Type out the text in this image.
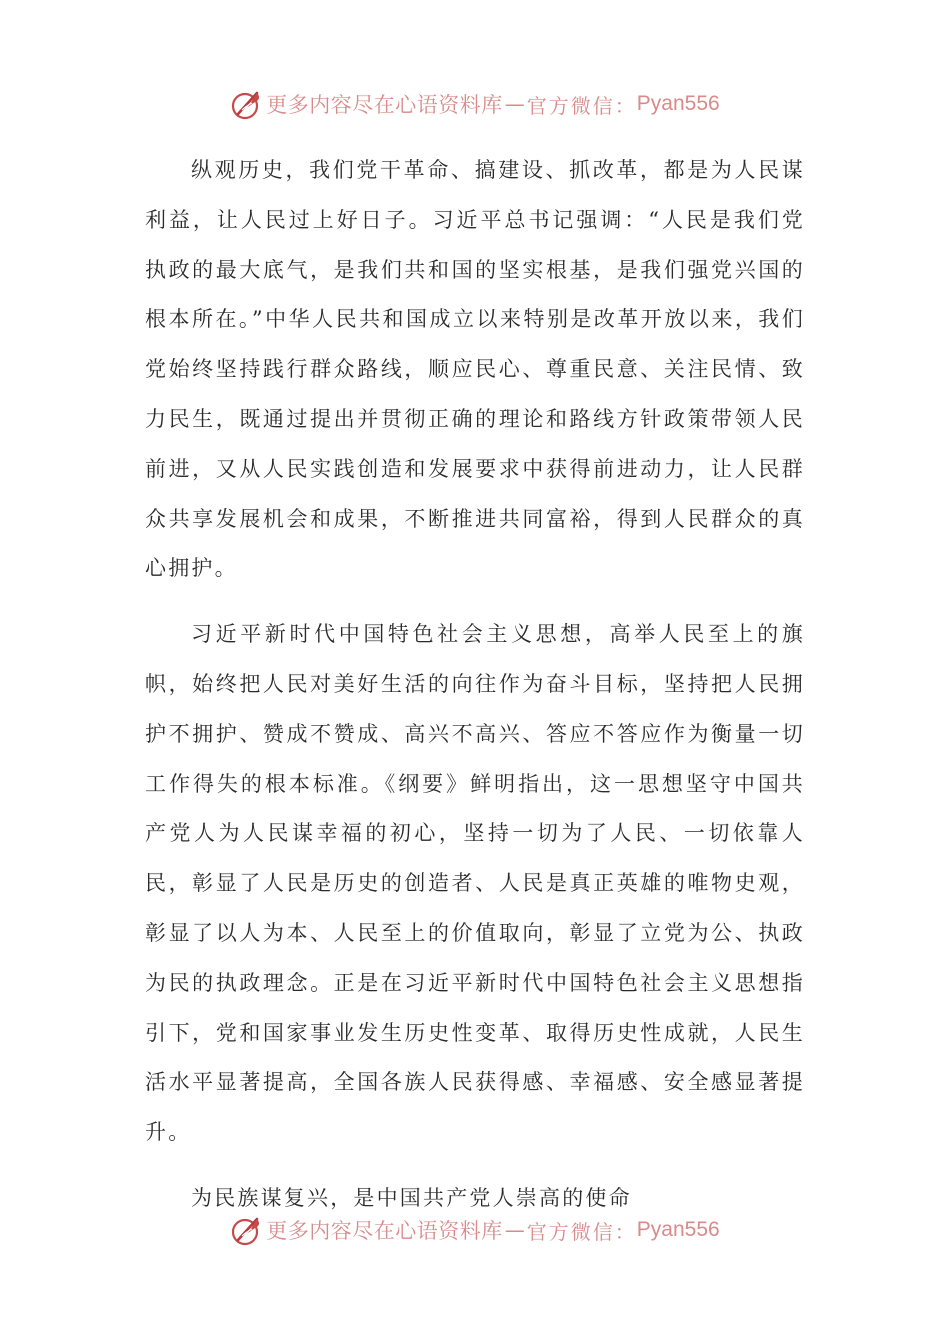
更多内容尽在心语资料库 — 官方微信： Pyan556

纵观历史，我们党干革命、搞建设、抓改革，都是为人民谋利益，让人民过上好日子。习近平总书记强调：“人民是我们党执政的最大底气，是我们共和国的坚实根基，是我们强党兴国的根本所在。”中华人民共和国成立以来特别是改革开放以来，我们党始终坚持践行群众路线，顺应民心、尊重民意、关注民情、致力民生，既通过提出并贯彻正确的理论和路线方针政策带领人民前进，又从人民实践创造和发展要求中获得前进动力，让人民群众共享发展机会和成果，不断推进共同富裕，得到人民群众的真心拥护。

习近平新时代中国特色社会主义思想，高举人民至上的旗帜，始终把人民对美好生活的向往作为奋斗目标，坚持把人民拥护不拥护、赞成不赞成、高兴不高兴、答应不答应作为衡量一切工作得失的根本标准。《纲要》鲜明指出，这一思想坚守中国共产党人为人民谋幸福的初心，坚持一切为了人民、一切依靠人民，彰显了人民是历史的创造者、人民是真正英雄的唯物史观，彰显了以人为本、人民至上的价值取向，彰显了立党为公、执政为民的执政理念。正是在习近平新时代中国特色社会主义思想指引下，党和国家事业发生历史性变革、取得历史性成就，人民生活水平显著提高，全国各族人民获得感、幸福感、安全感显著提升。

为民族谋复兴，是中国共产党人崇高的使命

更多内容尽在心语资料库 — 官方微信： Pyan556
